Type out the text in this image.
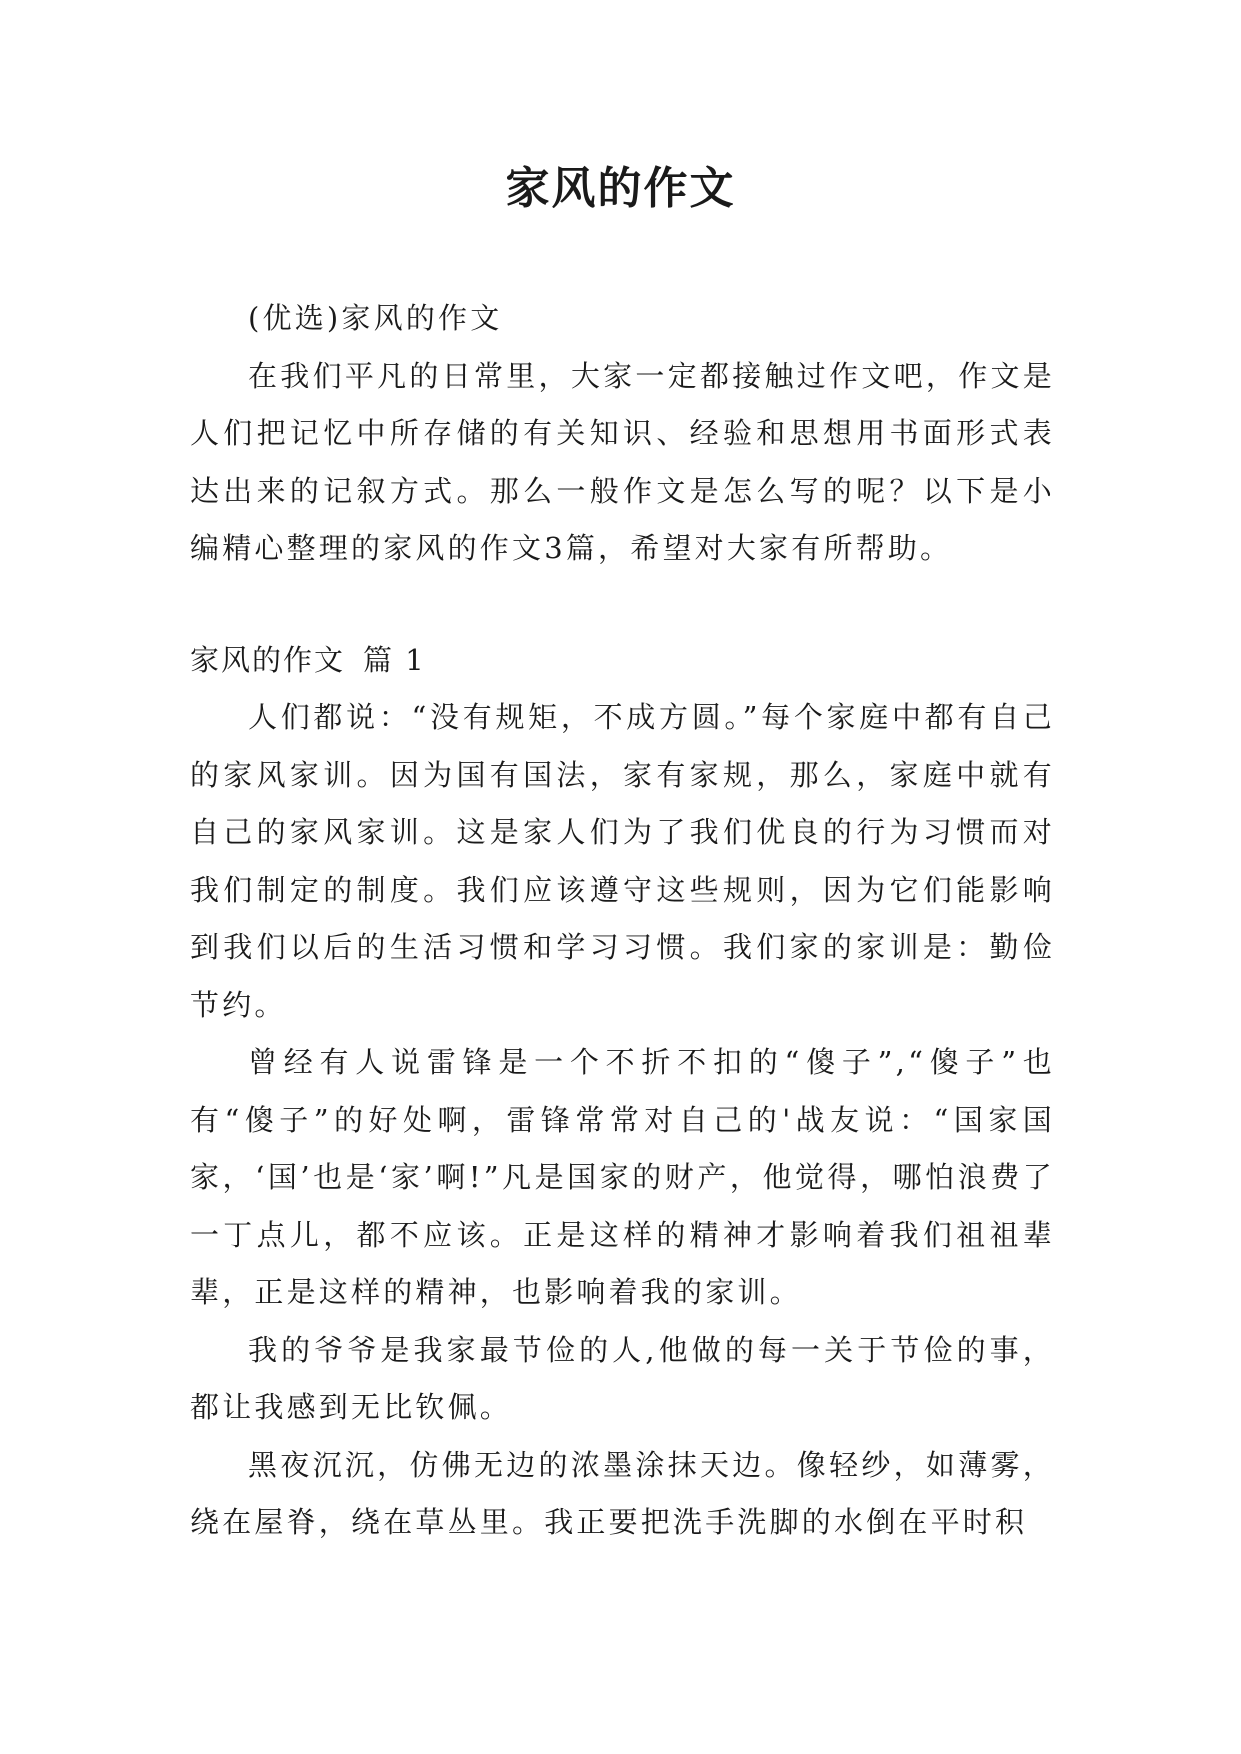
家风的作文

(优选)家风的作文

在我们平凡的日常里，大家一定都接触过作文吧，作文是人们把记忆中所存储的有关知识、经验和思想用书面形式表达出来的记叙方式。那么一般作文是怎么写的呢？以下是小编精心整理的家风的作文3篇，希望对大家有所帮助。

家风的作文 篇 1

人们都说：“没有规矩，不成方圆。”每个家庭中都有自己的家风家训。因为国有国法，家有家规，那么，家庭中就有自己的家风家训。这是家人们为了我们优良的行为习惯而对我们制定的制度。我们应该遵守这些规则，因为它们能影响到我们以后的生活习惯和学习习惯。我们家的家训是：勤俭节约。

曾经有人说雷锋是一个不折不扣的“傻子”,“傻子”也有“傻子”的好处啊，雷锋常常对自己的'战友说：“国家国家，‘国’也是‘家’啊!”凡是国家的财产，他觉得，哪怕浪费了一丁点儿，都不应该。正是这样的精神才影响着我们祖祖辈辈，正是这样的精神，也影响着我的家训。

我的爷爷是我家最节俭的人,他做的每一关于节俭的事，都让我感到无比钦佩。

黑夜沉沉，仿佛无边的浓墨涂抹天边。像轻纱，如薄雾，绕在屋脊，绕在草丛里。我正要把洗手洗脚的水倒在平时积
